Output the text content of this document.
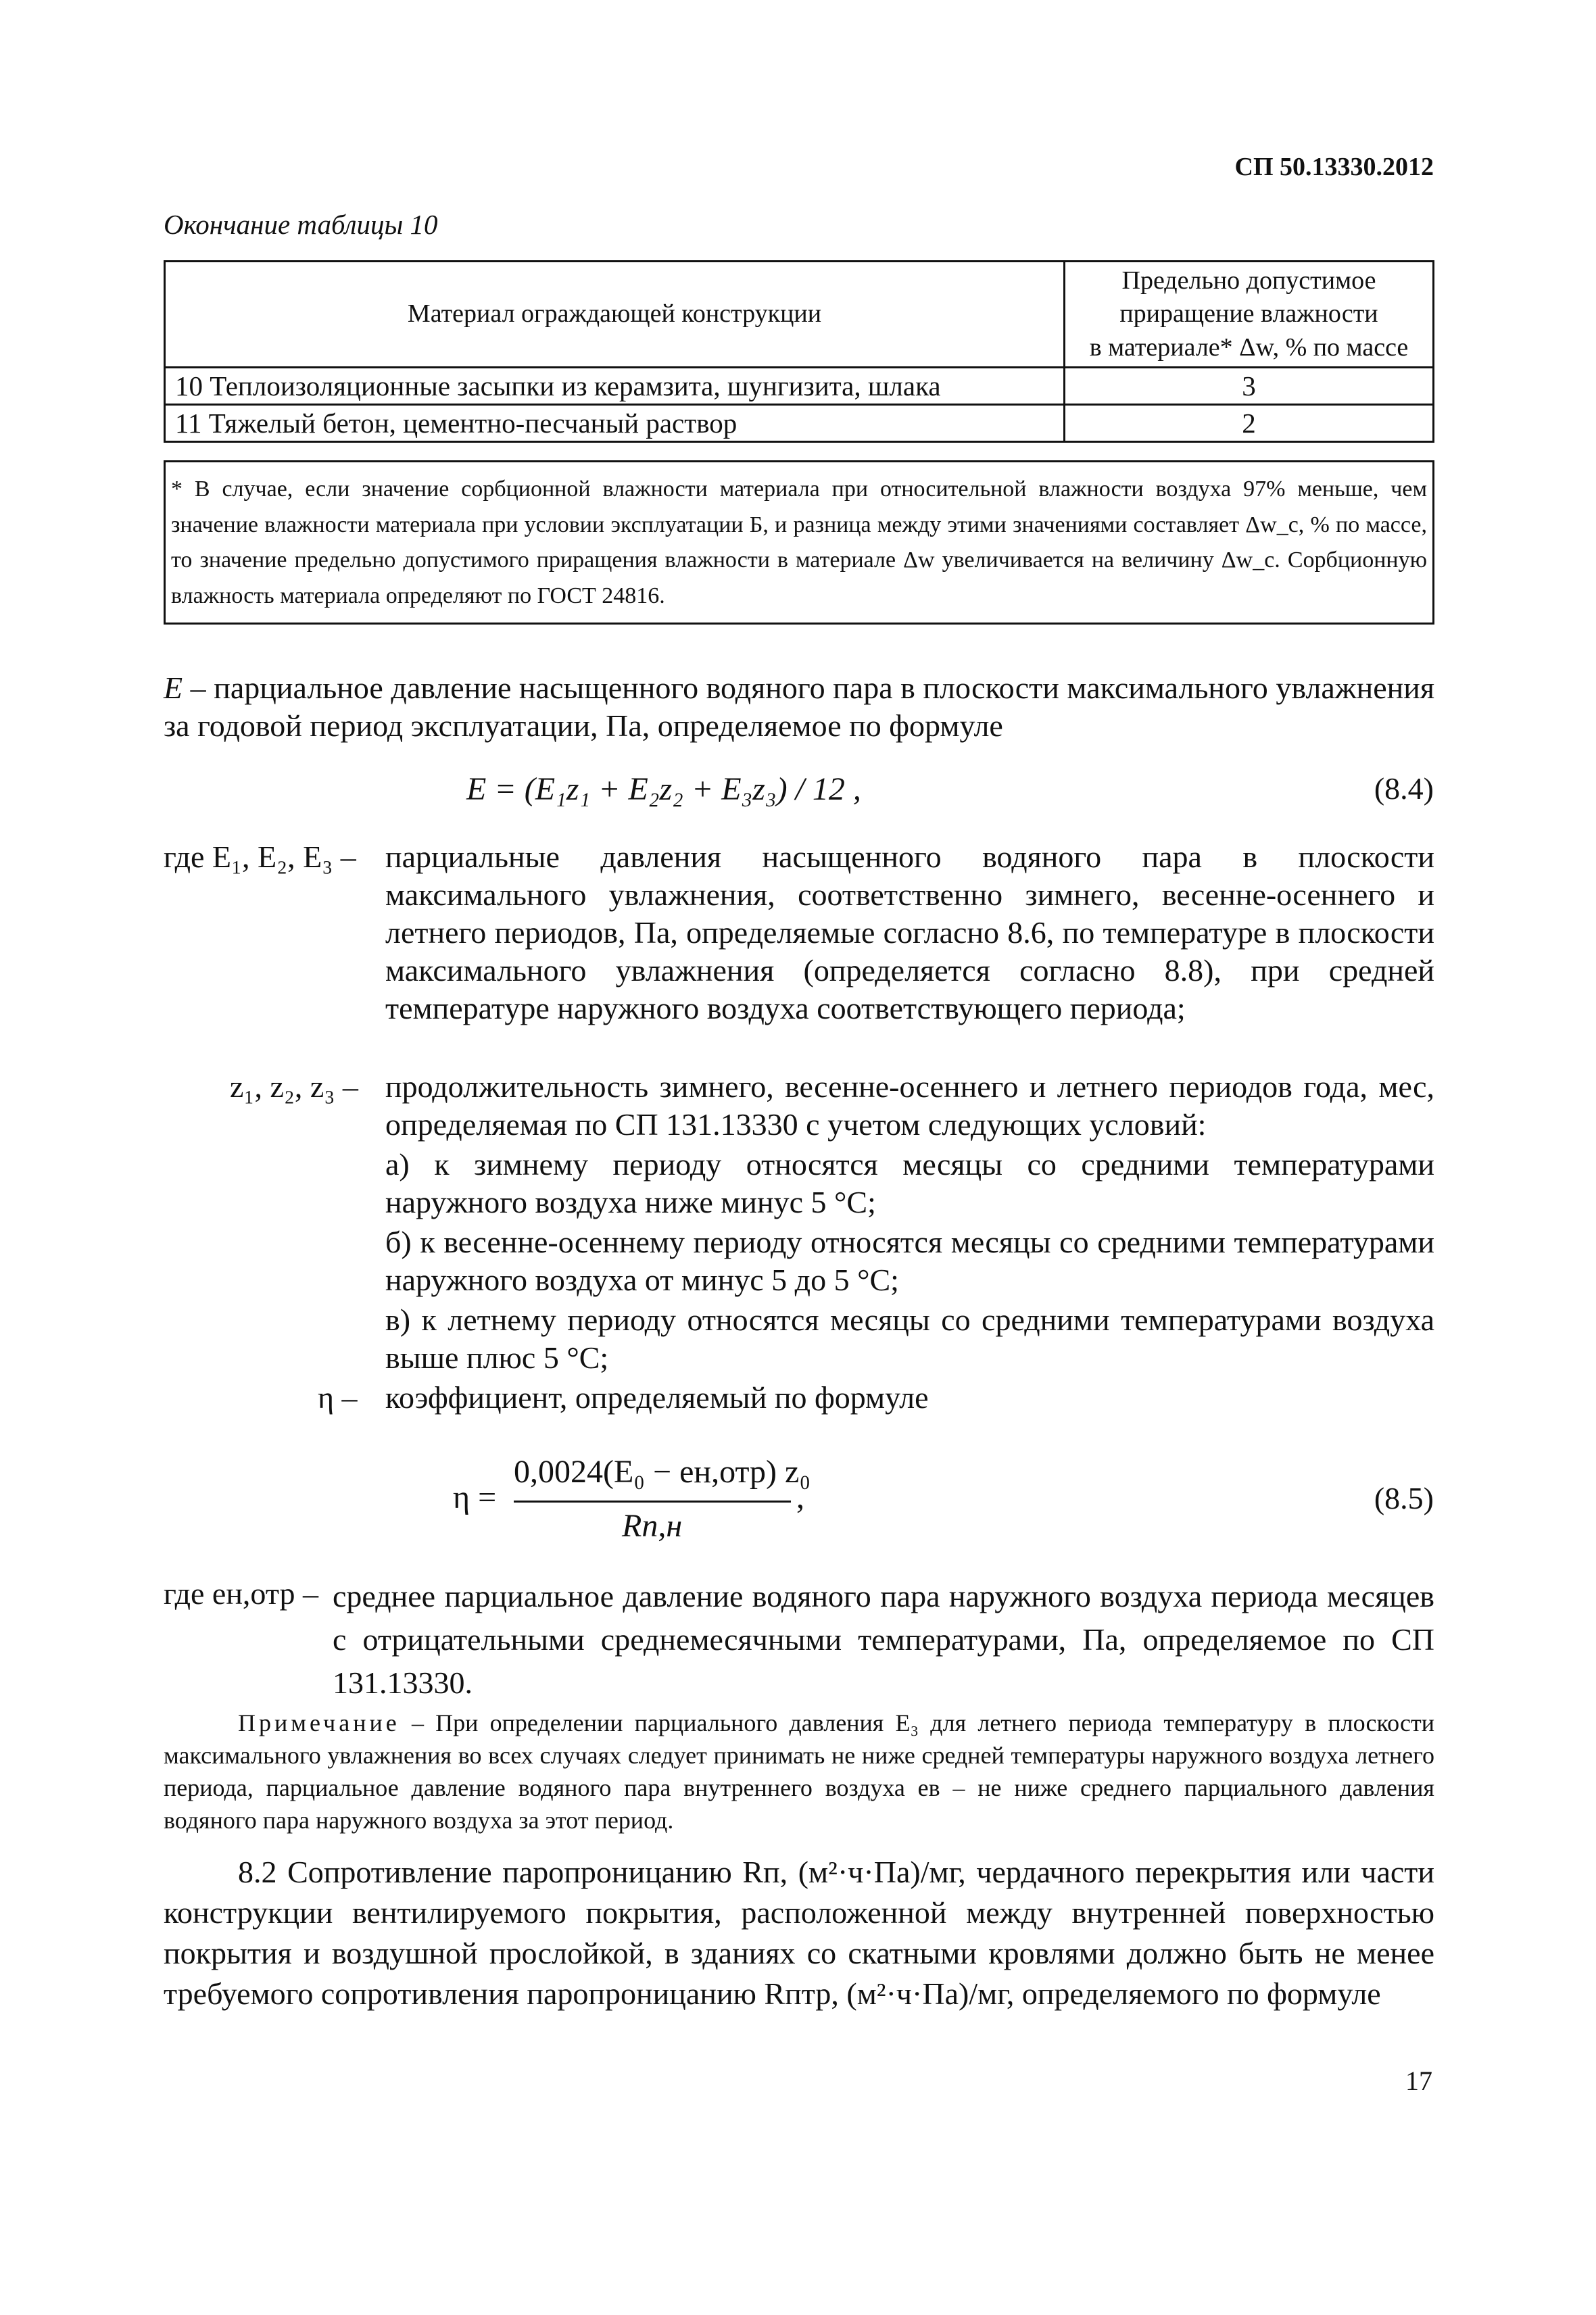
СП 50.13330.2012
Окончание таблицы 10
Материал ограждающей конструкции	Предельно допустимое
приращение влажности
в материале* Δw, % по массе

10 Теплоизоляционные засыпки из керамзита, шунгизита, шлака	3
11 Тяжелый бетон, цементно-песчаный раствор	2

* В случае, если значение сорбционной влажности материала при относительной влажности воздуха 97% меньше, чем значение влажности материала при условии эксплуатации Б, и разница между этими значениями составляет Δw_c, % по массе, то значение предельно допустимого приращения влажности в материале Δw увеличивается на величину Δw_c. Сорбционную влажность материала определяют по ГОСТ 24816.	
E – парциальное давление насыщенного водяного пара в плоскости максимального увлажнения за годовой период эксплуатации, Па, определяемое по формуле
E = (E₁z₁ + E₂z₂ + E₃z₃) / 12 ,	(8.4)
где E₁, E₂, E₃ – парциальные давления насыщенного водяного пара в плоскости максимального увлажнения, соответственно зимнего, весенне-осеннего и летнего периодов, Па, определяемые согласно 8.6, по температуре в плоскости максимального увлажнения (определяется согласно 8.8), при средней температуре наружного воздуха соответствующего периода;
z₁, z₂, z₃ – продолжительность зимнего, весенне-осеннего и летнего периодов года, мес, определяемая по СП 131.13330 с учетом следующих условий:
а) к зимнему периоду относятся месяцы со средними температурами наружного воздуха ниже минус 5 °С;
б) к весенне-осеннему периоду относятся месяцы со средними температурами наружного воздуха от минус 5 до 5 °С;
в) к летнему периоду относятся месяцы со средними температурами воздуха выше плюс 5 °С;
η – коэффициент, определяемый по формуле
η =
0,0024(E₀ − eн,отр) z₀
Rп,н
,	(8.5)
где eн,отр – среднее парциальное давление водяного пара наружного воздуха периода месяцев с отрицательными среднемесячными температурами, Па, определяемое по СП 131.13330.
Примечание – При определении парциального давления E₃ для летнего периода температуру в плоскости максимального увлажнения во всех случаях следует принимать не ниже средней температуры наружного воздуха летнего периода, парциальное давление водяного пара внутреннего воздуха eв – не ниже среднего парциального давления водяного пара наружного воздуха за этот период.
8.2 Сопротивление паропроницанию Rп, (м²·ч·Па)/мг, чердачного перекрытия или части конструкции вентилируемого покрытия, расположенной между внутренней поверхностью покрытия и воздушной прослойкой, в зданиях со скатными кровлями должно быть не менее требуемого сопротивления паропроницанию Rптр, (м²·ч·Па)/мг, определяемого по формуле
17
